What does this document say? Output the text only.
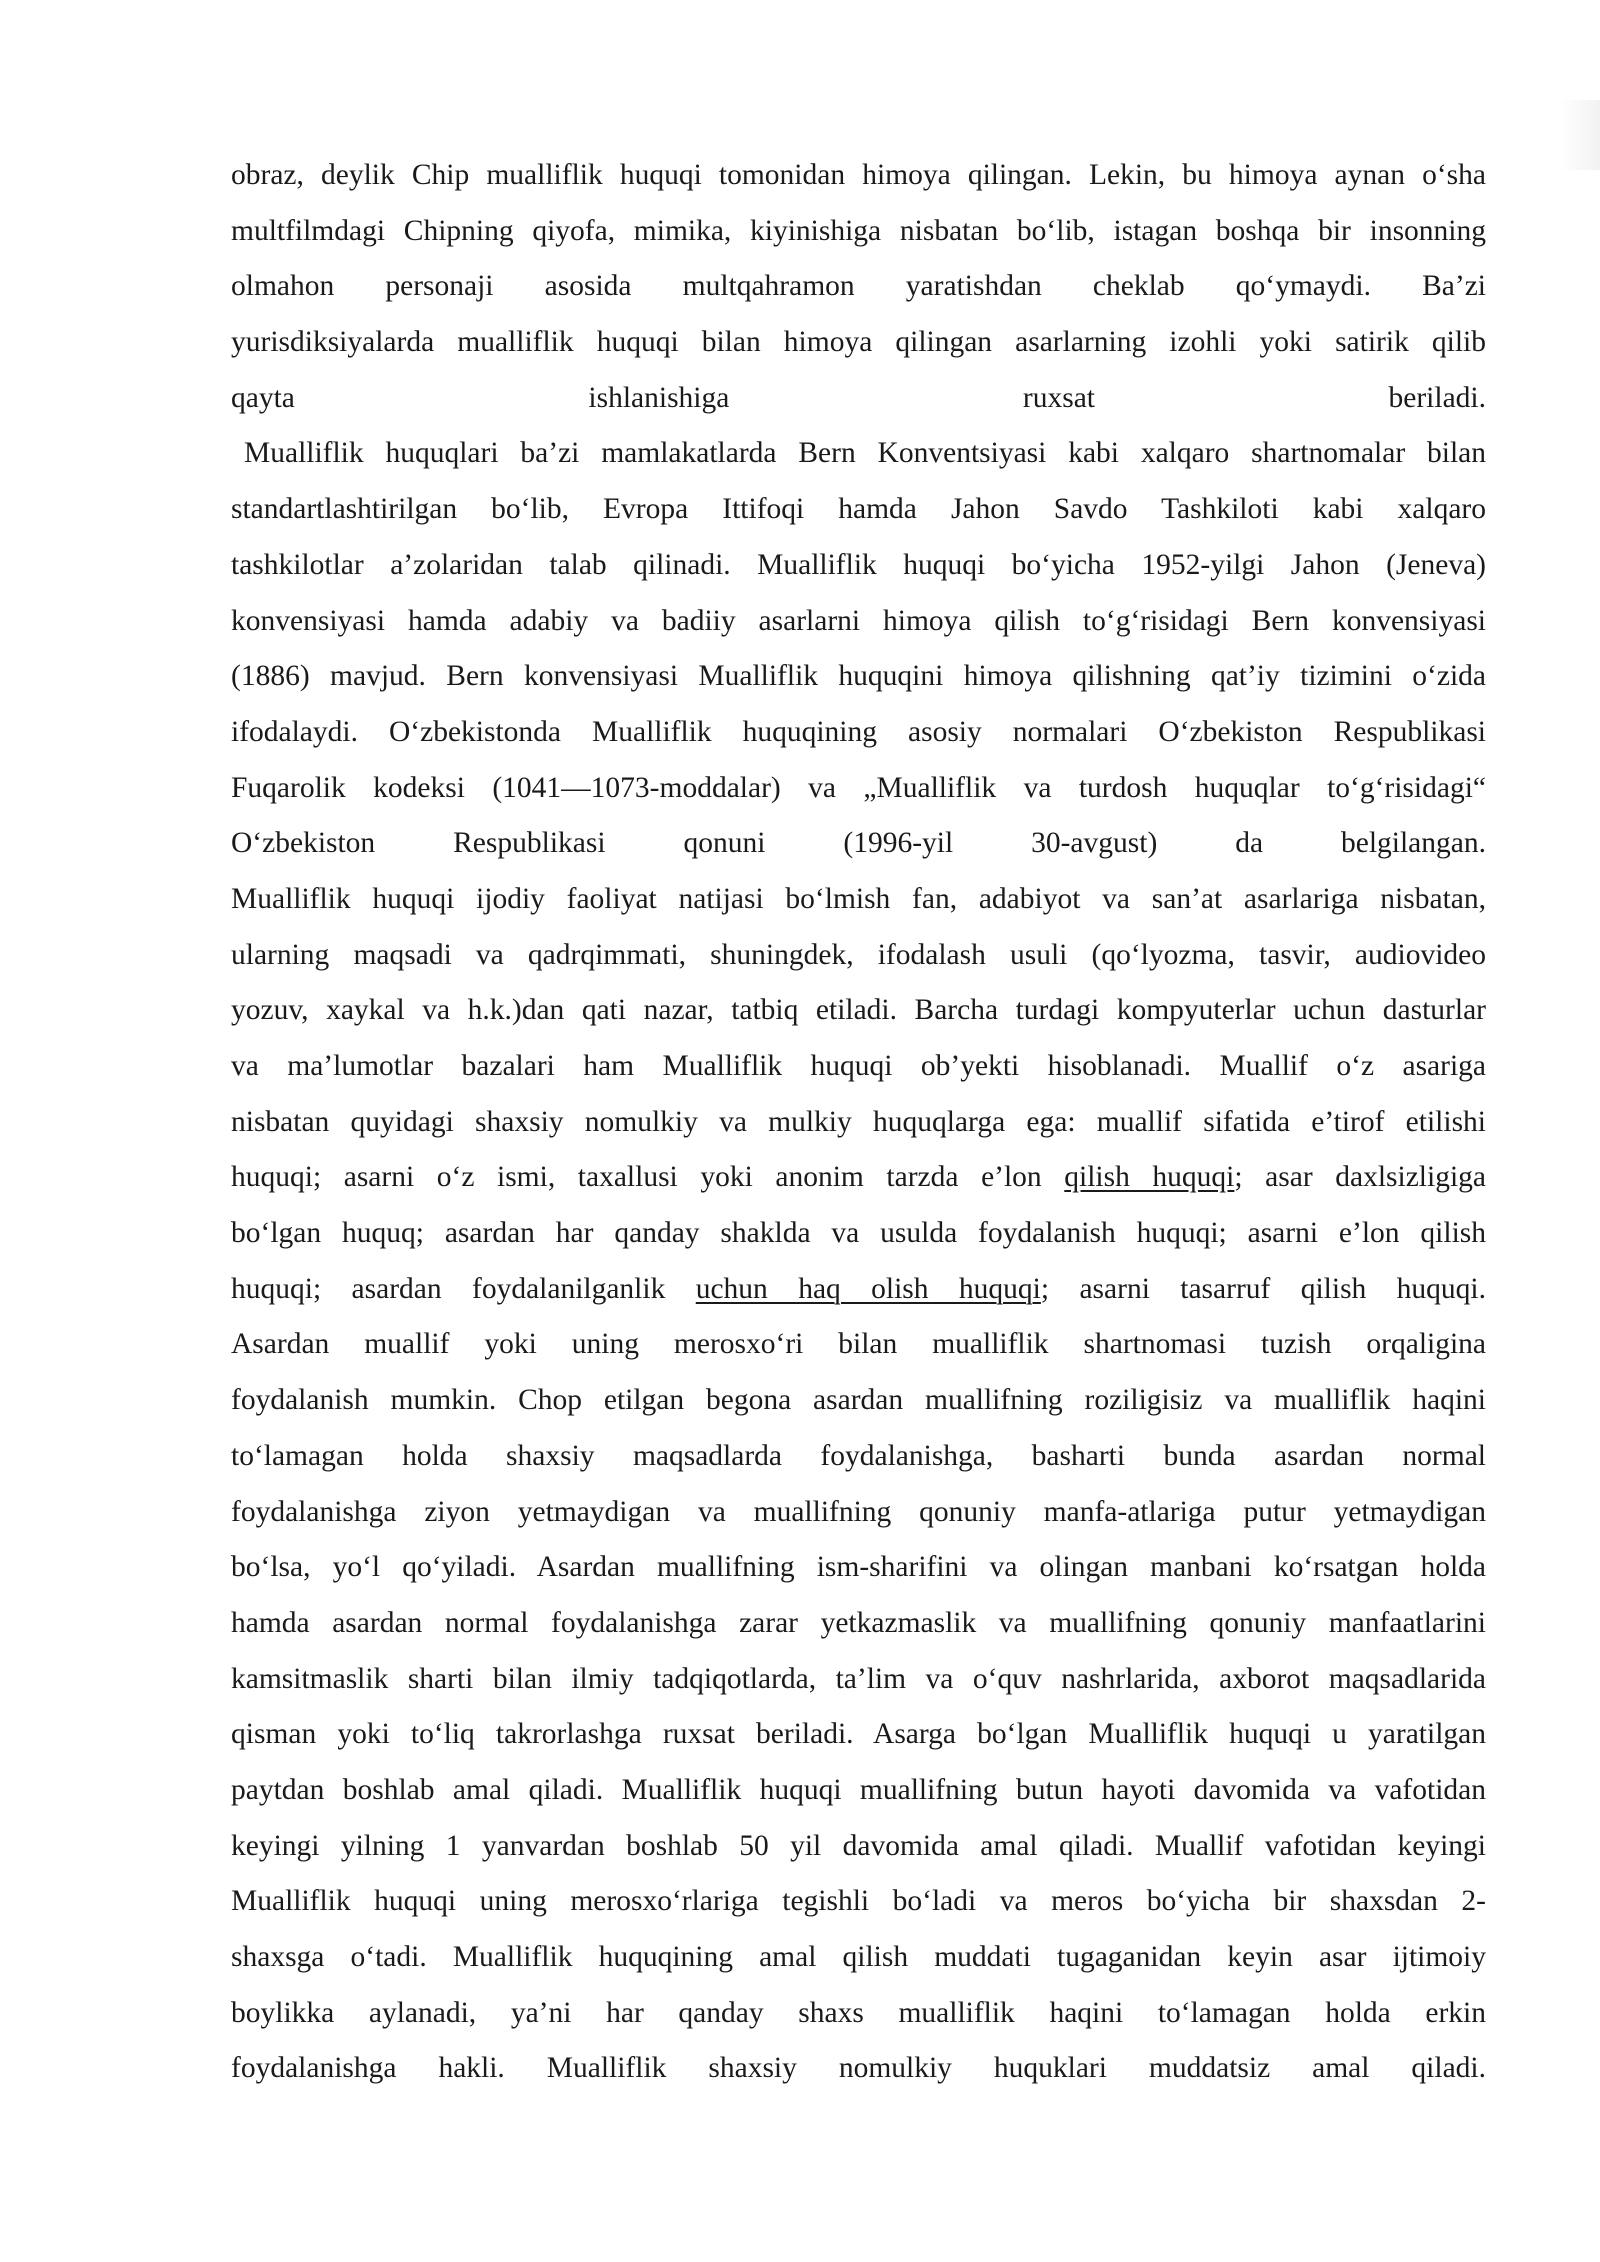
obraz, deylik Chip mualliflik huquqi tomonidan himoya qilingan. Lekin, bu himoya aynan o‘sha
multfilmdagi Chipning qiyofa, mimika, kiyinishiga nisbatan bo‘lib, istagan boshqa bir insonning
olmahon personaji asosida multqahramon yaratishdan cheklab qo‘ymaydi. Ba’zi
yurisdiksiyalarda mualliflik huquqi bilan himoya qilingan asarlarning izohli yoki satirik qilib
qayta ishlanishiga ruxsat beriladi.
Mualliflik huquqlari ba’zi mamlakatlarda Bern Konventsiyasi kabi xalqaro shartnomalar bilan
standartlashtirilgan bo‘lib, Evropa Ittifoqi hamda Jahon Savdo Tashkiloti kabi xalqaro
tashkilotlar a’zolaridan talab qilinadi. Mualliflik huquqi bo‘yicha 1952-yilgi Jahon (Jeneva)
konvensiyasi hamda adabiy va badiiy asarlarni himoya qilish to‘g‘risidagi Bern konvensiyasi
(1886) mavjud. Bern konvensiyasi Mualliflik huquqini himoya qilishning qat’iy tizimini o‘zida
ifodalaydi. O‘zbekistonda Mualliflik huquqining asosiy normalari O‘zbekiston Respublikasi
Fuqarolik kodeksi (1041—1073-moddalar) va „Mualliflik va turdosh huquqlar to‘g‘risidagi“
O‘zbekiston Respublikasi qonuni (1996-yil 30-avgust) da belgilangan.
Mualliflik huquqi ijodiy faoliyat natijasi bo‘lmish fan, adabiyot va san’at asarlariga nisbatan,
ularning maqsadi va qadrqimmati, shuningdek, ifodalash usuli (qo‘lyozma, tasvir, audiovideo
yozuv, xaykal va h.k.)dan qati nazar, tatbiq etiladi. Barcha turdagi kompyuterlar uchun dasturlar
va ma’lumotlar bazalari ham Mualliflik huquqi ob’yekti hisoblanadi. Muallif o‘z asariga
nisbatan quyidagi shaxsiy nomulkiy va mulkiy huquqlarga ega: muallif sifatida e’tirof etilishi
huquqi; asarni o‘z ismi, taxallusi yoki anonim tarzda e’lon qilish huquqi; asar daxlsizligiga
bo‘lgan huquq; asardan har qanday shaklda va usulda foydalanish huquqi; asarni e’lon qilish
huquqi; asardan foydalanilganlik uchun haq olish huquqi; asarni tasarruf qilish huquqi.
Asardan muallif yoki uning merosxo‘ri bilan mualliflik shartnomasi tuzish orqaligina
foydalanish mumkin. Chop etilgan begona asardan muallifning roziligisiz va mualliflik haqini
to‘lamagan holda shaxsiy maqsadlarda foydalanishga, basharti bunda asardan normal
foydalanishga ziyon yetmaydigan va muallifning qonuniy manfa-atlariga putur yetmaydigan
bo‘lsa, yo‘l qo‘yiladi. Asardan muallifning ism-sharifini va olingan manbani ko‘rsatgan holda
hamda asardan normal foydalanishga zarar yetkazmaslik va muallifning qonuniy manfaatlarini
kamsitmaslik sharti bilan ilmiy tadqiqotlarda, ta’lim va o‘quv nashrlarida, axborot maqsadlarida
qisman yoki to‘liq takrorlashga ruxsat beriladi. Asarga bo‘lgan Mualliflik huquqi u yaratilgan
paytdan boshlab amal qiladi. Mualliflik huquqi muallifning butun hayoti davomida va vafotidan
keyingi yilning 1 yanvardan boshlab 50 yil davomida amal qiladi. Muallif vafotidan keyingi
Mualliflik huquqi uning merosxo‘rlariga tegishli bo‘ladi va meros bo‘yicha bir shaxsdan 2-
shaxsga o‘tadi. Mualliflik huquqining amal qilish muddati tugaganidan keyin asar ijtimoiy
boylikka aylanadi, ya’ni har qanday shaxs mualliflik haqini to‘lamagan holda erkin
foydalanishga hakli. Mualliflik shaxsiy nomulkiy huquklari muddatsiz amal qiladi.
